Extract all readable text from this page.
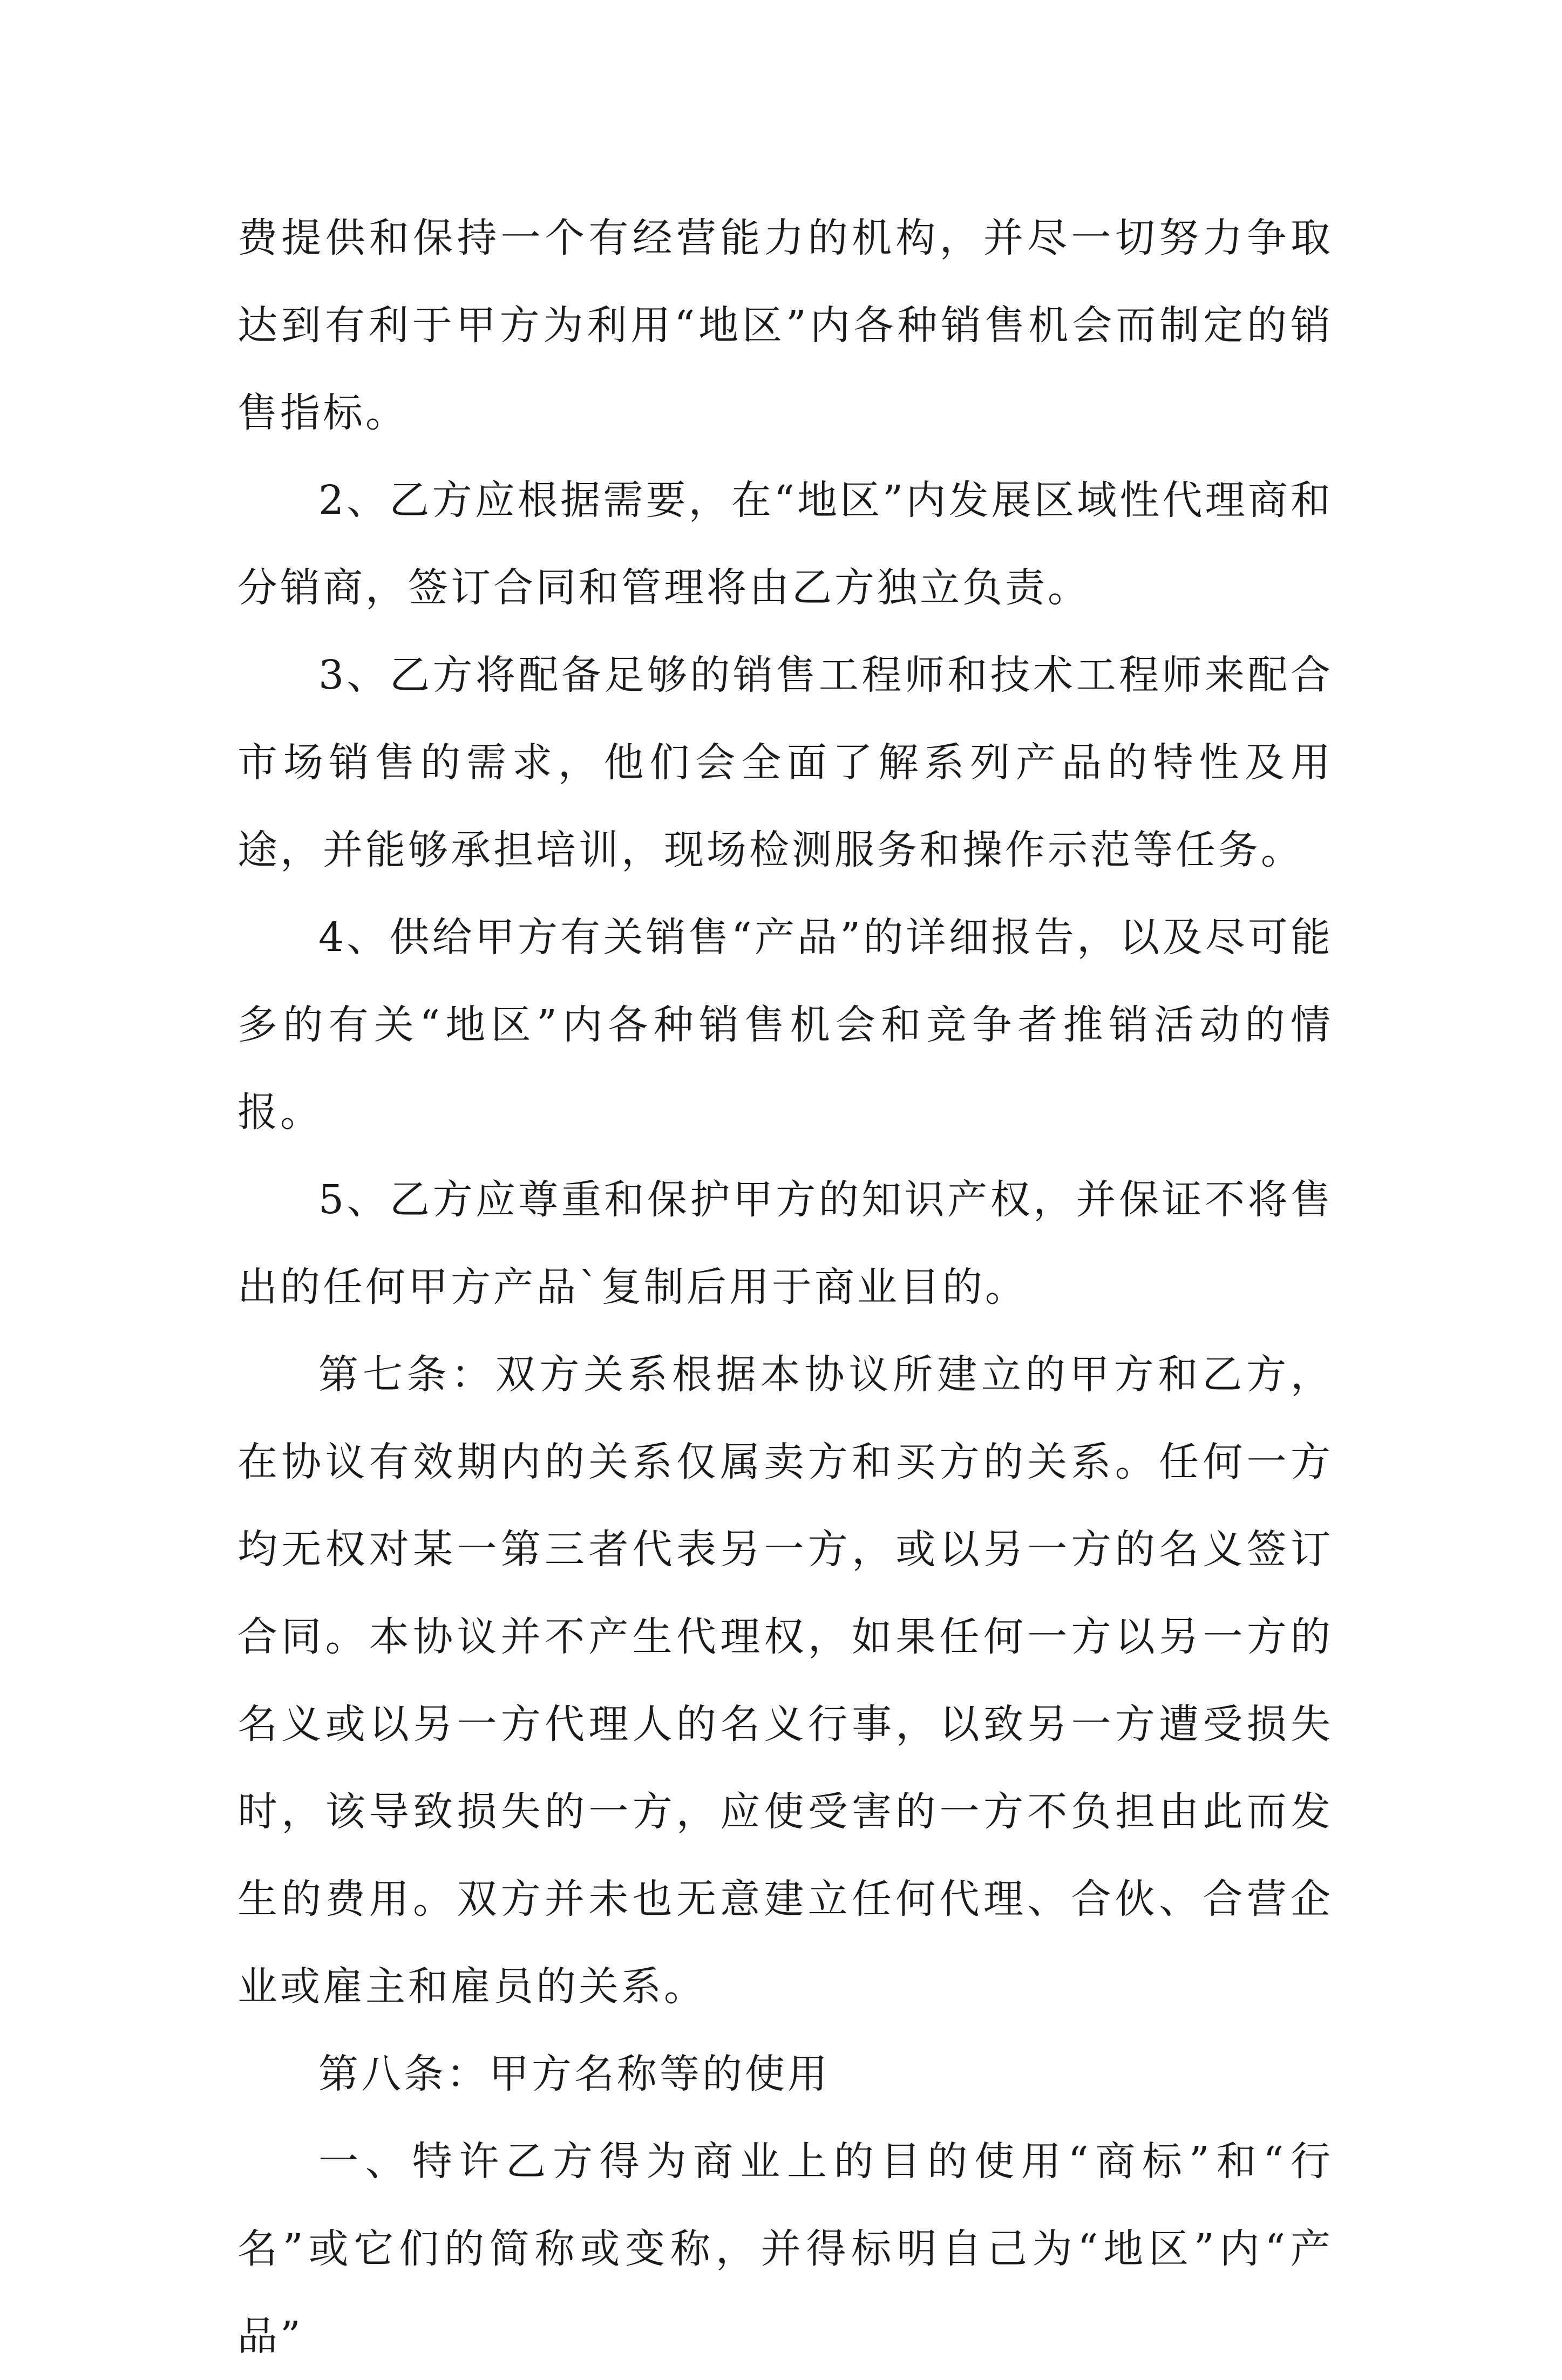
费提供和保持一个有经营能力的机构，并尽一切努力争取达到有利于甲方为利用“地区”内各种销售机会而制定的销售指标。

2、乙方应根据需要，在“地区”内发展区域性代理商和分销商，签订合同和管理将由乙方独立负责。

3、乙方将配备足够的销售工程师和技术工程师来配合市场销售的需求，他们会全面了解系列产品的特性及用途，并能够承担培训，现场检测服务和操作示范等任务。

4、供给甲方有关销售“产品”的详细报告，以及尽可能多的有关“地区”内各种销售机会和竞争者推销活动的情报。

5、乙方应尊重和保护甲方的知识产权，并保证不将售出的任何甲方产品`复制后用于商业目的。

第七条：双方关系根据本协议所建立的甲方和乙方，在协议有效期内的关系仅属卖方和买方的关系。任何一方均无权对某一第三者代表另一方，或以另一方的名义签订合同。本协议并不产生代理权，如果任何一方以另一方的名义或以另一方代理人的名义行事，以致另一方遭受损失时，该导致损失的一方，应使受害的一方不负担由此而发生的费用。双方并未也无意建立任何代理、合伙、合营企业或雇主和雇员的关系。

第八条：甲方名称等的使用

一、特许乙方得为商业上的目的使用“商标”和“行名”或它们的简称或变称，并得标明自己为“地区”内“产品”
